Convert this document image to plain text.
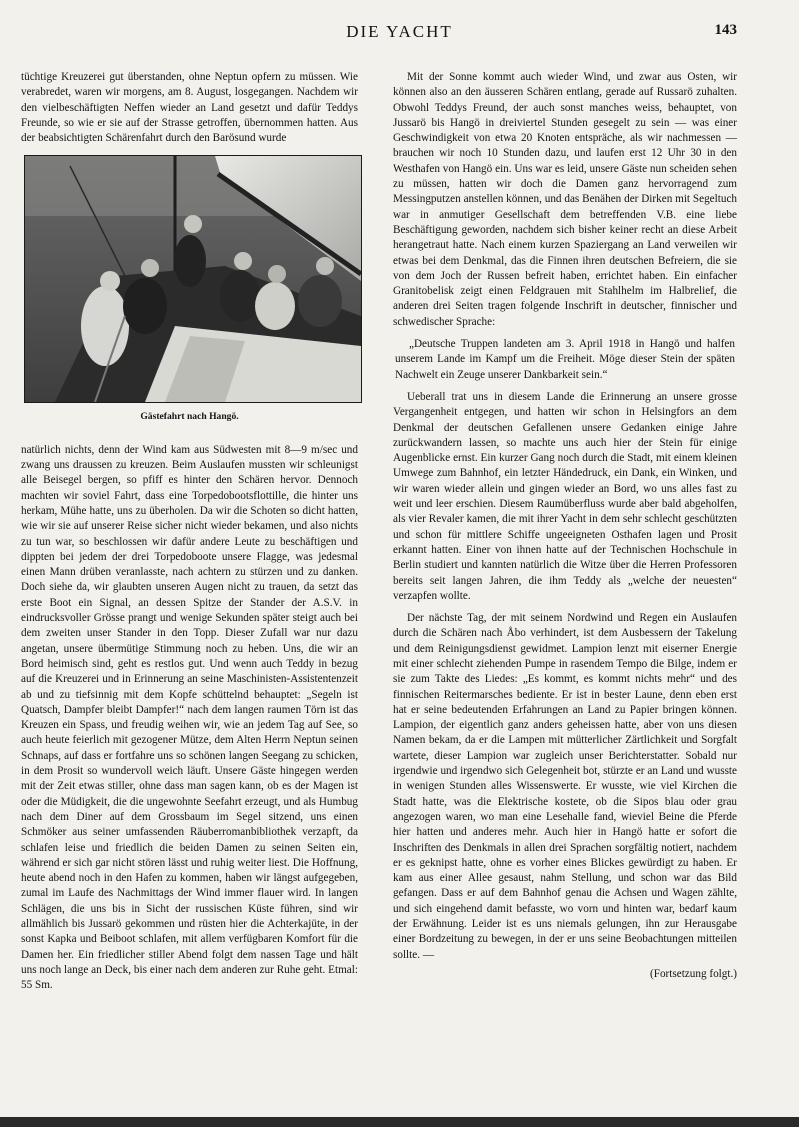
DIE YACHT	143

tüchtige Kreuzerei gut überstanden, ohne Neptun opfern zu müssen. Wie verabredet, waren wir morgens, am 8. August, losgegangen. Nachdem wir den vielbeschäftigten Neffen wieder an Land gesetzt und dafür Teddys Freunde, so wie er sie auf der Strasse getroffen, übernommen hatten. Aus der beabsichtigten Schärenfahrt durch den Barösund wurde

Gästefahrt nach Hangö.

natürlich nichts, denn der Wind kam aus Südwesten mit 8—9 m/sec und zwang uns draussen zu kreuzen. Beim Auslaufen mussten wir schleunigst alle Beisegel bergen, so pfiff es hinter den Schären hervor. Dennoch machten wir soviel Fahrt, dass eine Torpedobootsflottille, die hinter uns herkam, Mühe hatte, uns zu überholen. Da wir die Schoten so dicht hatten, wie wir sie auf unserer Reise sicher nicht wieder bekamen, und also nichts zu tun war, so beschlossen wir dafür andere Leute zu beschäftigen und dippten bei jedem der drei Torpedoboote unsere Flagge, was jedesmal einen Mann drüben veranlasste, nach achtern zu stürzen und zu danken. Doch siehe da, wir glaubten unseren Augen nicht zu trauen, da setzt das erste Boot ein Signal, an dessen Spitze der Stander der A.S.V. in eindrucksvoller Grösse prangt und wenige Sekunden später steigt auch bei dem zweiten unser Stander in den Topp. Dieser Zufall war nur dazu angetan, unsere übermütige Stimmung noch zu heben. Uns, die wir an Bord heimisch sind, geht es restlos gut. Und wenn auch Teddy in bezug auf die Kreuzerei und in Erinnerung an seine Maschinisten-Assistentenzeit ab und zu tiefsinnig mit dem Kopfe schüttelnd behauptet: „Segeln ist Quatsch, Dampfer bleibt Dampfer!“ nach dem langen raumen Törn ist das Kreuzen ein Spass, und freudig weihen wir, wie an jedem Tag auf See, so auch heute feierlich mit gezogener Mütze, dem Alten Herrn Neptun seinen Schnaps, auf dass er fortfahre uns so schönen langen Seegang zu schicken, in dem Prosit so wundervoll weich läuft. Unsere Gäste hingegen werden mit der Zeit etwas stiller, ohne dass man sagen kann, ob es der Magen ist oder die Müdigkeit, die die ungewohnte Seefahrt erzeugt, und als Humbug nach dem Diner auf dem Grossbaum im Segel sitzend, uns einen Schmöker aus seiner umfassenden Räuberromanbibliothek verzapft, da schlafen leise und friedlich die beiden Damen zu seinen Seiten ein, während er sich gar nicht stören lässt und ruhig weiter liest. Die Hoffnung, heute abend noch in den Hafen zu kommen, haben wir längst aufgegeben, zumal im Laufe des Nachmittags der Wind immer flauer wird. In langen Schlägen, die uns bis in Sicht der russischen Küste führen, sind wir allmählich bis Jussarö gekommen und rüsten hier die Achterkajüte, in der sonst Kapka und Beiboot schlafen, mit allem verfügbaren Komfort für die Damen her. Ein friedlicher stiller Abend folgt dem nassen Tage und hält uns noch lange an Deck, bis einer nach dem anderen zur Ruhe geht. Etmal: 55 Sm.

Mit der Sonne kommt auch wieder Wind, und zwar aus Osten, wir können also an den äusseren Schären entlang, gerade auf Russarö zuhalten. Obwohl Teddys Freund, der auch sonst manches weiss, behauptet, von Jussarö bis Hangö in dreiviertel Stunden gesegelt zu sein — was einer Geschwindigkeit von etwa 20 Knoten entspräche, als wir nachmessen — brauchen wir noch 10 Stunden dazu, und laufen erst 12 Uhr 30 in den Westhafen von Hangö ein. Uns war es leid, unsere Gäste nun scheiden sehen zu müssen, hatten wir doch die Damen ganz hervorragend zum Messingputzen anstellen können, und das Benähen der Dirken mit Segeltuch war in anmutiger Gesellschaft dem betreffenden V.B. eine liebe Beschäftigung geworden, nachdem sich bisher keiner recht an diese Arbeit herangetraut hatte. Nach einem kurzen Spaziergang an Land verweilen wir etwas bei dem Denkmal, das die Finnen ihren deutschen Befreiern, die sie von dem Joch der Russen befreit haben, errichtet haben. Ein einfacher Granitobelisk zeigt einen Feldgrauen mit Stahlhelm im Halbrelief, die anderen drei Seiten tragen folgende Inschrift in deutscher, finnischer und schwedischer Sprache:

„Deutsche Truppen landeten am 3. April 1918 in Hangö und halfen unserem Lande im Kampf um die Freiheit. Möge dieser Stein der späten Nachwelt ein Zeuge unserer Dankbarkeit sein.“

Ueberall trat uns in diesem Lande die Erinnerung an unsere grosse Vergangenheit entgegen, und hatten wir schon in Helsingfors an dem Denkmal der deutschen Gefallenen unsere Gedanken einige Jahre zurückwandern lassen, so machte uns auch hier der Stein für einige Augenblicke ernst. Ein kurzer Gang noch durch die Stadt, mit einem kleinen Umwege zum Bahnhof, ein letzter Händedruck, ein Dank, ein Winken, und wir waren wieder allein und gingen wieder an Bord, wo uns alles fast zu weit und leer erschien. Diesem Raumüberfluss wurde aber bald abgeholfen, als vier Revaler kamen, die mit ihrer Yacht in dem sehr schlecht geschützten und schon für mittlere Schiffe ungeeigneten Osthafen lagen und Prosit erkannt hatten. Einer von ihnen hatte auf der Technischen Hochschule in Berlin studiert und kannten natürlich die Witze über die Herren Professoren bereits seit langen Jahren, die ihm Teddy als „welche der neuesten“ verzapfen wollte.

Der nächste Tag, der mit seinem Nordwind und Regen ein Auslaufen durch die Schären nach Åbo verhindert, ist dem Ausbessern der Takelung und dem Reinigungsdienst gewidmet. Lampion lenzt mit eiserner Energie mit einer schlecht ziehenden Pumpe in rasendem Tempo die Bilge, indem er sie zum Takte des Liedes: „Es kommt, es kommt nichts mehr“ und des finnischen Reitermarsches bediente. Er ist in bester Laune, denn eben erst hat er seine bedeutenden Erfahrungen an Land zu Papier bringen können. Lampion, der eigentlich ganz anders geheissen hatte, aber von uns diesen Namen bekam, da er die Lampen mit mütterlicher Zärtlichkeit und Sorgfalt wartete, dieser Lampion war zugleich unser Berichterstatter. Sobald nur irgendwie und irgendwo sich Gelegenheit bot, stürzte er an Land und wusste in wenigen Stunden alles Wissenswerte. Er wusste, wie viel Kirchen die Stadt hatte, was die Elektrische kostete, ob die Sipos blau oder grau angezogen waren, wo man eine Lesehalle fand, wieviel Beine die Pferde hier hatten und anderes mehr. Auch hier in Hangö hatte er sofort die Inschriften des Denkmals in allen drei Sprachen sorgfältig notiert, nachdem er es geknipst hatte, ohne es vorher eines Blickes gewürdigt zu haben. Er kam aus einer Allee gesaust, nahm Stellung, und schon war das Bild gefangen. Dass er auf dem Bahnhof genau die Achsen und Wagen zählte, und sich eingehend damit befasste, wo vorn und hinten war, bedarf kaum der Erwähnung. Leider ist es uns niemals gelungen, ihn zur Herausgabe einer Bordzeitung zu bewegen, in der er uns seine Beobachtungen mitteilen sollte. —

(Fortsetzung folgt.)
